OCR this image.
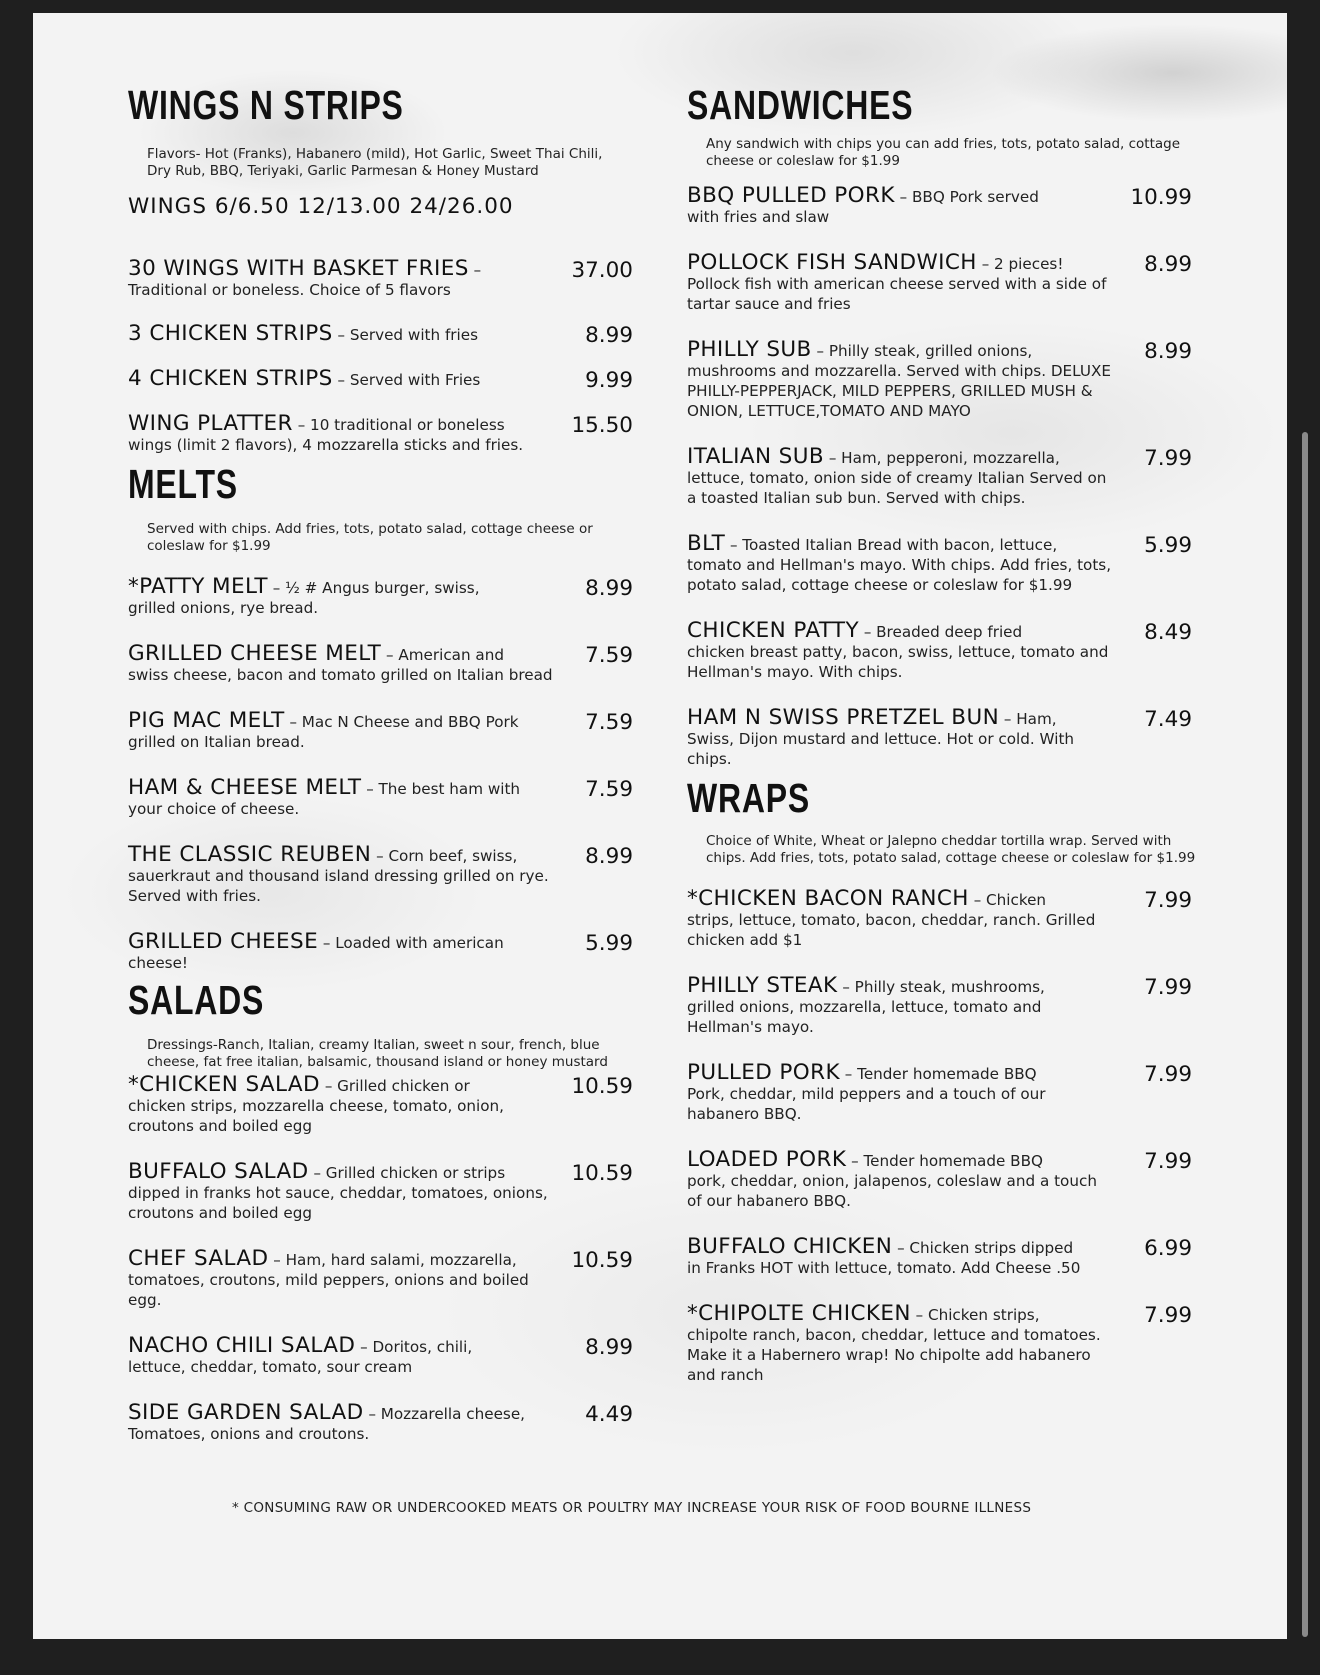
WINGS N STRIPS

Flavors- Hot (Franks), Habanero (mild), Hot Garlic, Sweet Thai Chili, Dry Rub, BBQ, Teriyaki, Garlic Parmesan & Honey Mustard

WINGS 6/6.50 12/13.00 24/26.00
30 WINGS WITH BASKET FRIES –
Traditional or boneless. Choice of 5 flavors
37.00
3 CHICKEN STRIPS – Served with fries	8.99
4 CHICKEN STRIPS – Served with Fries	9.99
WING PLATTER – 10 traditional or boneless
wings (limit 2 flavors), 4 mozzarella sticks and fries.
15.50
MELTS

Served with chips. Add fries, tots, potato salad, cottage cheese or coleslaw for $1.99

*PATTY MELT – ½ # Angus burger, swiss,
grilled onions, rye bread.
8.99
GRILLED CHEESE MELT – American and
swiss cheese, bacon and tomato grilled on Italian bread
7.59
PIG MAC MELT – Mac N Cheese and BBQ Pork
grilled on Italian bread.
7.59
HAM & CHEESE MELT – The best ham with
your choice of cheese.
7.59
THE CLASSIC REUBEN – Corn beef, swiss,
sauerkraut and thousand island dressing grilled on rye. Served with fries.
8.99
GRILLED CHEESE – Loaded with american
cheese!
5.99
SALADS

Dressings-Ranch, Italian, creamy Italian, sweet n sour, french, blue cheese, fat free italian, balsamic, thousand island or honey mustard

*CHICKEN SALAD – Grilled chicken or
chicken strips, mozzarella cheese, tomato, onion, croutons and boiled egg
10.59
BUFFALO SALAD – Grilled chicken or strips
dipped in franks hot sauce, cheddar, tomatoes, onions, croutons and boiled egg
10.59
CHEF SALAD – Ham, hard salami, mozzarella,
tomatoes, croutons, mild peppers, onions and boiled egg.
10.59
NACHO CHILI SALAD – Doritos, chili,
lettuce, cheddar, tomato, sour cream
8.99
SIDE GARDEN SALAD – Mozzarella cheese,
Tomatoes, onions and croutons.
4.49
SANDWICHES

Any sandwich with chips you can add fries, tots, potato salad, cottage cheese or coleslaw for $1.99

BBQ PULLED PORK – BBQ Pork served
with fries and slaw
10.99
POLLOCK FISH SANDWICH – 2 pieces!
Pollock fish with american cheese served with a side of tartar sauce and fries
8.99
PHILLY SUB – Philly steak, grilled onions,
mushrooms and mozzarella. Served with chips. DELUXE PHILLY-PEPPERJACK, MILD PEPPERS, GRILLED MUSH & ONION, LETTUCE,TOMATO AND MAYO
8.99
ITALIAN SUB – Ham, pepperoni, mozzarella,
lettuce, tomato, onion side of creamy Italian Served on a toasted Italian sub bun. Served with chips.
7.99
BLT – Toasted Italian Bread with bacon, lettuce,
tomato and Hellman's mayo. With chips. Add fries, tots, potato salad, cottage cheese or coleslaw for $1.99
5.99
CHICKEN PATTY – Breaded deep fried
chicken breast patty, bacon, swiss, lettuce, tomato and Hellman's mayo. With chips.
8.49
HAM N SWISS PRETZEL BUN – Ham,
Swiss, Dijon mustard and lettuce. Hot or cold. With chips.
7.49
WRAPS

Choice of White, Wheat or Jalepno cheddar tortilla wrap. Served with chips. Add fries, tots, potato salad, cottage cheese or coleslaw for $1.99

*CHICKEN BACON RANCH – Chicken
strips, lettuce, tomato, bacon, cheddar, ranch. Grilled chicken add $1
7.99
PHILLY STEAK – Philly steak, mushrooms,
grilled onions, mozzarella, lettuce, tomato and Hellman's mayo.
7.99
PULLED PORK – Tender homemade BBQ
Pork, cheddar, mild peppers and a touch of our habanero BBQ.
7.99
LOADED PORK – Tender homemade BBQ
pork, cheddar, onion, jalapenos, coleslaw and a touch of our habanero BBQ.
7.99
BUFFALO CHICKEN – Chicken strips dipped
in Franks HOT with lettuce, tomato. Add Cheese .50
6.99
*CHIPOLTE CHICKEN – Chicken strips,
chipolte ranch, bacon, cheddar, lettuce and tomatoes. Make it a Habernero wrap! No chipolte add habanero and ranch
7.99
* CONSUMING RAW OR UNDERCOOKED MEATS OR POULTRY MAY INCREASE YOUR RISK OF FOOD BOURNE ILLNESS
